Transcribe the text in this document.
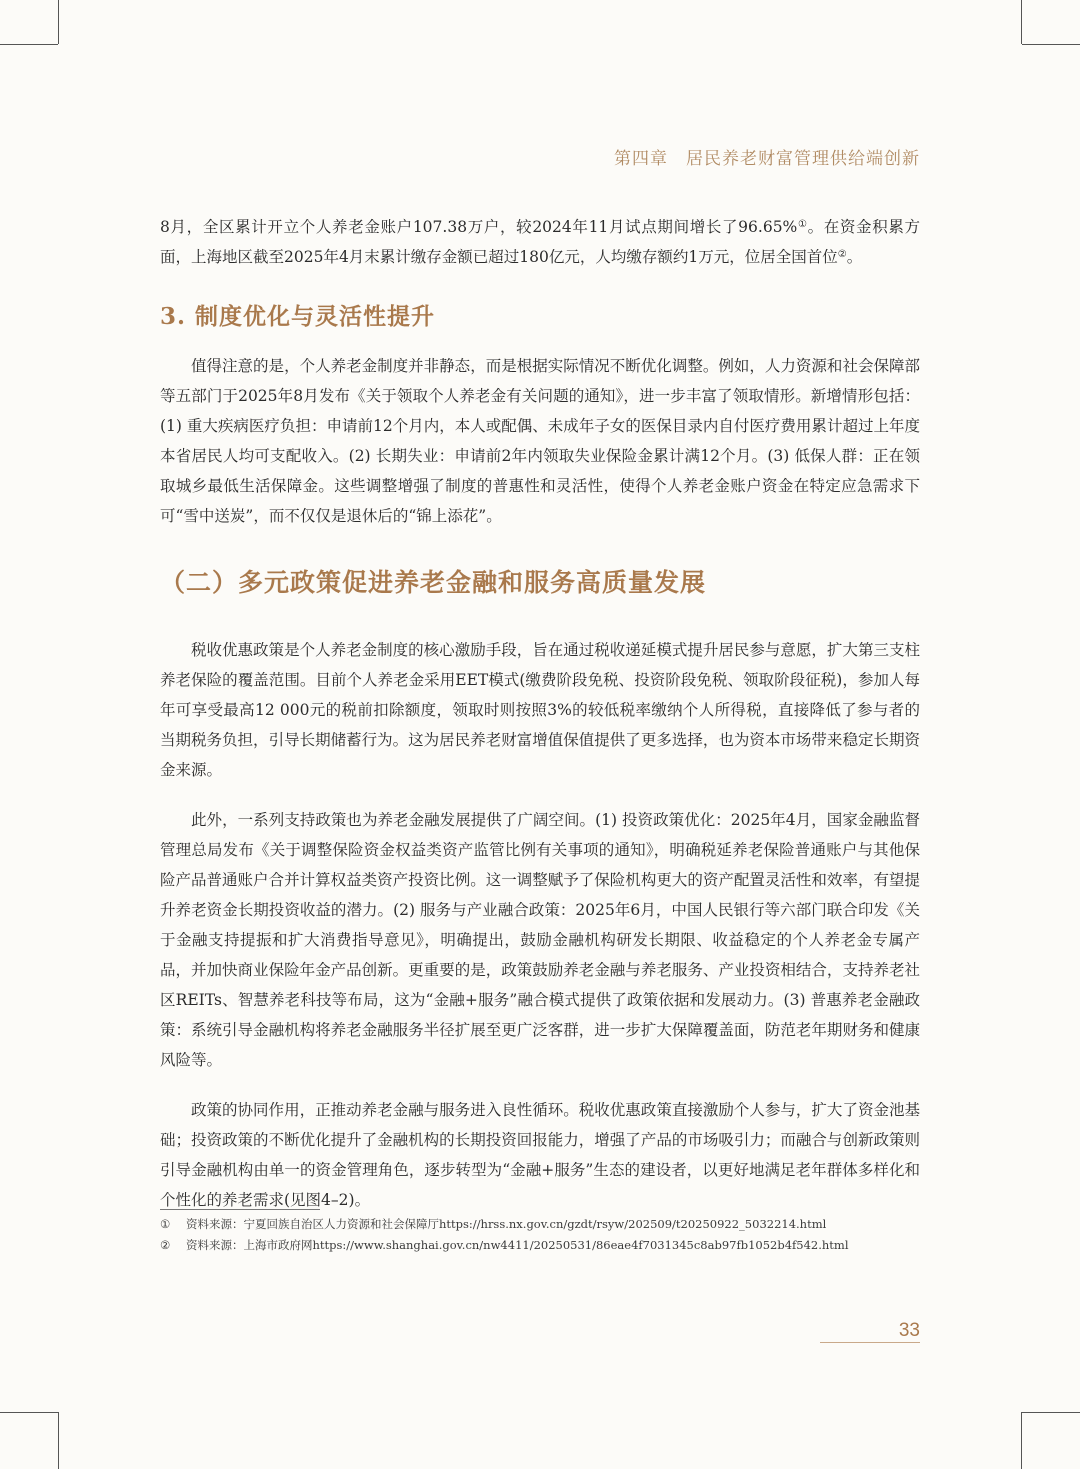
第四章 居民养老财富管理供给端创新

8月，全区累计开立个人养老金账户107.38万户，较2024年11月试点期间增长了96.65%①。在资金积累方面，上海地区截至2025年4月末累计缴存金额已超过180亿元，人均缴存额约1万元，位居全国首位②。

3. 制度优化与灵活性提升

值得注意的是，个人养老金制度并非静态，而是根据实际情况不断优化调整。例如，人力资源和社会保障部等五部门于2025年8月发布《关于领取个人养老金有关问题的通知》，进一步丰富了领取情形。新增情形包括：(1) 重大疾病医疗负担：申请前12个月内，本人或配偶、未成年子女的医保目录内自付医疗费用累计超过上年度本省居民人均可支配收入。(2) 长期失业：申请前2年内领取失业保险金累计满12个月。(3) 低保人群：正在领取城乡最低生活保障金。这些调整增强了制度的普惠性和灵活性，使得个人养老金账户资金在特定应急需求下可“雪中送炭”，而不仅仅是退休后的“锦上添花”。

（二）多元政策促进养老金融和服务高质量发展

税收优惠政策是个人养老金制度的核心激励手段，旨在通过税收递延模式提升居民参与意愿，扩大第三支柱养老保险的覆盖范围。目前个人养老金采用EET模式(缴费阶段免税、投资阶段免税、领取阶段征税)，参加人每年可享受最高12 000元的税前扣除额度，领取时则按照3%的较低税率缴纳个人所得税，直接降低了参与者的当期税务负担，引导长期储蓄行为。这为居民养老财富增值保值提供了更多选择，也为资本市场带来稳定长期资金来源。

此外，一系列支持政策也为养老金融发展提供了广阔空间。(1) 投资政策优化：2025年4月，国家金融监督管理总局发布《关于调整保险资金权益类资产监管比例有关事项的通知》，明确税延养老保险普通账户与其他保险产品普通账户合并计算权益类资产投资比例。这一调整赋予了保险机构更大的资产配置灵活性和效率，有望提升养老资金长期投资收益的潜力。(2) 服务与产业融合政策：2025年6月，中国人民银行等六部门联合印发《关于金融支持提振和扩大消费指导意见》，明确提出，鼓励金融机构研发长期限、收益稳定的个人养老金专属产品，并加快商业保险年金产品创新。更重要的是，政策鼓励养老金融与养老服务、产业投资相结合，支持养老社区REITs、智慧养老科技等布局，这为“金融+服务”融合模式提供了政策依据和发展动力。(3) 普惠养老金融政策：系统引导金融机构将养老金融服务半径扩展至更广泛客群，进一步扩大保障覆盖面，防范老年期财务和健康风险等。

政策的协同作用，正推动养老金融与服务进入良性循环。税收优惠政策直接激励个人参与，扩大了资金池基础；投资政策的不断优化提升了金融机构的长期投资回报能力，增强了产品的市场吸引力；而融合与创新政策则引导金融机构由单一的资金管理角色，逐步转型为“金融+服务”生态的建设者，以更好地满足老年群体多样化和个性化的养老需求(见图4–2)。

① 资料来源：宁夏回族自治区人力资源和社会保障厅https://hrss.nx.gov.cn/gzdt/rsyw/202509/t20250922_5032214.html
② 资料来源：上海市政府网https://www.shanghai.gov.cn/nw4411/20250531/86eae4f7031345c8ab97fb1052b4f542.html
33
